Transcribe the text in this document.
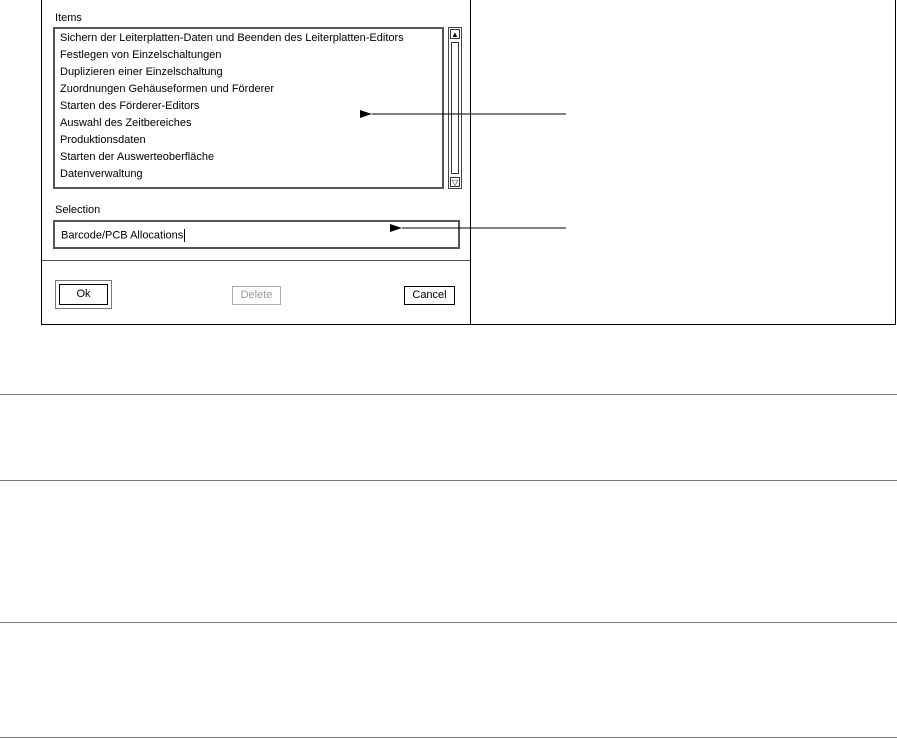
Items
Sichern der Leiterplatten-Daten und Beenden des Leiterplatten-Editors
Festlegen von Einzelschaltungen
Duplizieren einer Einzelschaltung
Zuordnungen Gehäuseformen und Förderer
Starten des Förderer-Editors
Auswahl des Zeitbereiches
Produktionsdaten
Starten der Auswerteoberfläche
Datenverwaltung
▲
▽
Selection
Barcode/PCB Allocations
Ok	Delete	Cancel
